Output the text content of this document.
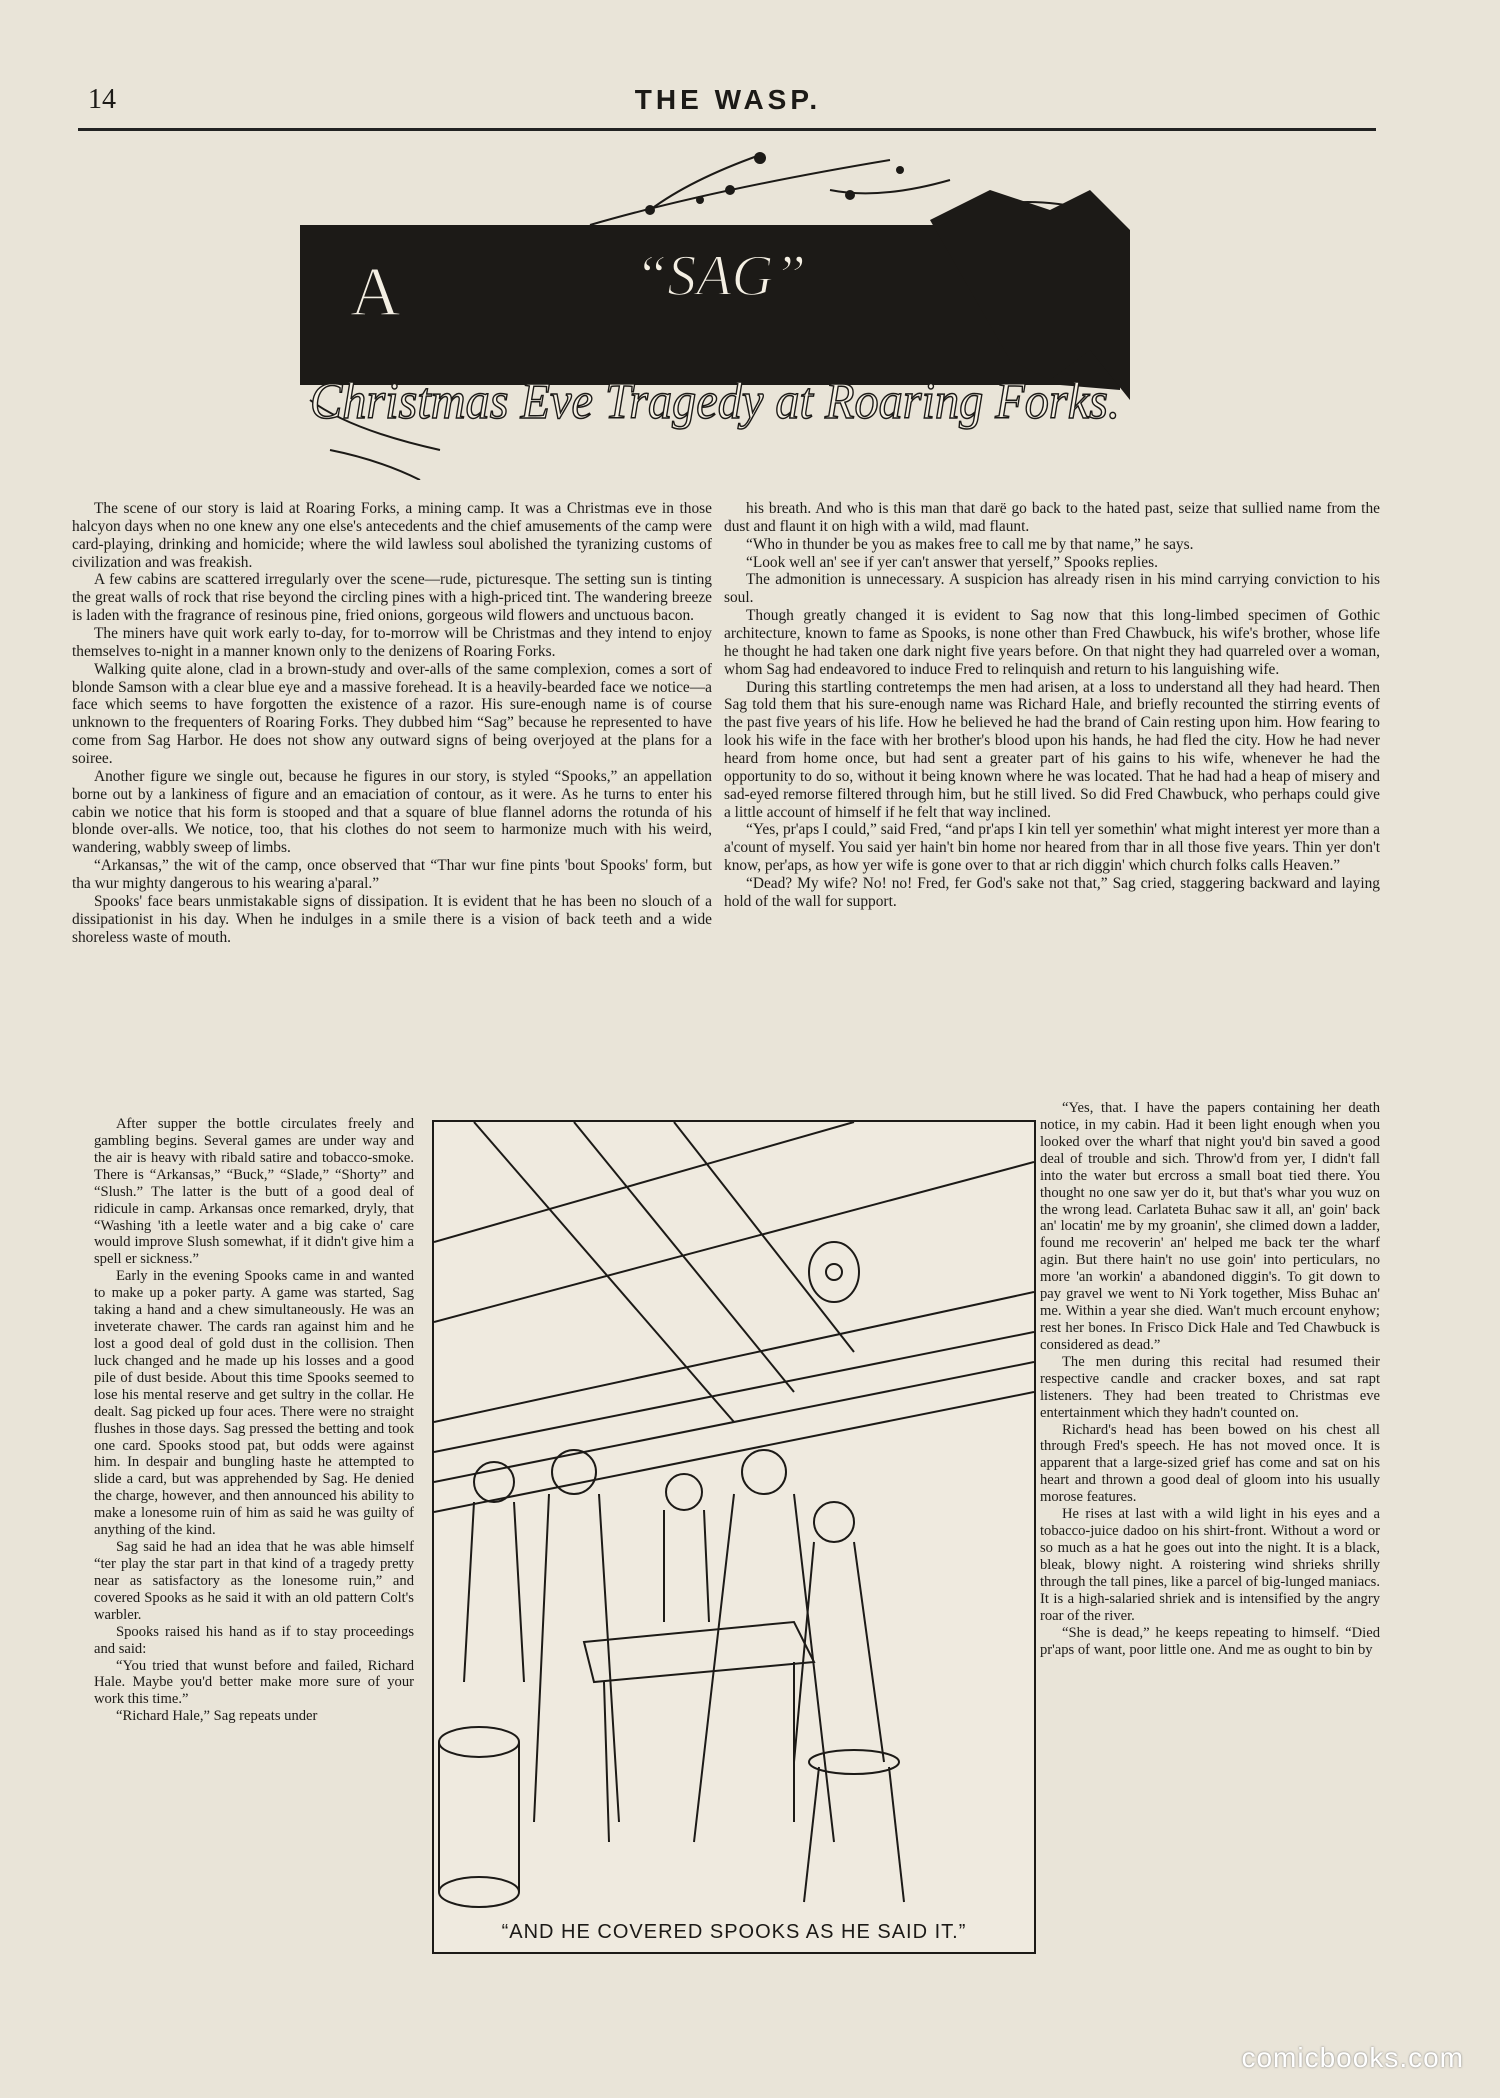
14	THE WASP.
A	“SAG”
Christmas Eve Tragedy at Roaring Forks.

The scene of our story is laid at Roaring Forks, a mining camp. It was a Christmas eve in those halcyon days when no one knew any one else's antecedents and the chief amusements of the camp were card-playing, drinking and homicide; where the wild lawless soul abolished the tyranizing customs of civilization and was freakish.

A few cabins are scattered irregularly over the scene—rude, picturesque. The setting sun is tinting the great walls of rock that rise beyond the circling pines with a high-priced tint. The wandering breeze is laden with the fragrance of resinous pine, fried onions, gorgeous wild flowers and unctuous bacon.

The miners have quit work early to-day, for to-morrow will be Christmas and they intend to enjoy themselves to-night in a manner known only to the denizens of Roaring Forks.

Walking quite alone, clad in a brown-study and over-alls of the same complexion, comes a sort of blonde Samson with a clear blue eye and a massive forehead. It is a heavily-bearded face we notice—a face which seems to have forgotten the existence of a razor. His sure-enough name is of course unknown to the frequenters of Roaring Forks. They dubbed him “Sag” because he represented to have come from Sag Harbor. He does not show any outward signs of being overjoyed at the plans for a soiree.

Another figure we single out, because he figures in our story, is styled “Spooks,” an appellation borne out by a lankiness of figure and an emaciation of contour, as it were. As he turns to enter his cabin we notice that his form is stooped and that a square of blue flannel adorns the rotunda of his blonde over-alls. We notice, too, that his clothes do not seem to harmonize much with his weird, wandering, wabbly sweep of limbs.

“Arkansas,” the wit of the camp, once observed that “Thar wur fine pints 'bout Spooks' form, but tha wur mighty dangerous to his wearing a'paral.”

Spooks' face bears unmistakable signs of dissipation. It is evident that he has been no slouch of a dissipationist in his day. When he indulges in a smile there is a vision of back teeth and a wide shoreless waste of mouth.

his breath. And who is this man that darë go back to the hated past, seize that sullied name from the dust and flaunt it on high with a wild, mad flaunt.

“Who in thunder be you as makes free to call me by that name,” he says.

“Look well an' see if yer can't answer that yerself,” Spooks replies.

The admonition is unnecessary. A suspicion has already risen in his mind carrying conviction to his soul.

Though greatly changed it is evident to Sag now that this long-limbed specimen of Gothic architecture, known to fame as Spooks, is none other than Fred Chawbuck, his wife's brother, whose life he thought he had taken one dark night five years before. On that night they had quarreled over a woman, whom Sag had endeavored to induce Fred to relinquish and return to his languishing wife.

During this startling contretemps the men had arisen, at a loss to understand all they had heard. Then Sag told them that his sure-enough name was Richard Hale, and briefly recounted the stirring events of the past five years of his life. How he believed he had the brand of Cain resting upon him. How fearing to look his wife in the face with her brother's blood upon his hands, he had fled the city. How he had never heard from home once, but had sent a greater part of his gains to his wife, whenever he had the opportunity to do so, without it being known where he was located. That he had had a heap of misery and sad-eyed remorse filtered through him, but he still lived. So did Fred Chawbuck, who perhaps could give a little account of himself if he felt that way inclined.

“Yes, pr'aps I could,” said Fred, “and pr'aps I kin tell yer somethin' what might interest yer more than a a'count of myself. You said yer hain't bin home nor heared from thar in all those five years. Thin yer don't know, per'aps, as how yer wife is gone over to that ar rich diggin' which church folks calls Heaven.”

“Dead? My wife? No! no! Fred, fer God's sake not that,” Sag cried, staggering backward and laying hold of the wall for support.

After supper the bottle circulates freely and gambling begins. Several games are under way and the air is heavy with ribald satire and tobacco-smoke. There is “Arkansas,” “Buck,” “Slade,” “Shorty” and “Slush.” The latter is the butt of a good deal of ridicule in camp. Arkansas once remarked, dryly, that “Washing 'ith a leetle water and a big cake o' care would improve Slush somewhat, if it didn't give him a spell er sickness.”

Early in the evening Spooks came in and wanted to make up a poker party. A game was started, Sag taking a hand and a chew simultaneously. He was an inveterate chawer. The cards ran against him and he lost a good deal of gold dust in the collision. Then luck changed and he made up his losses and a good pile of dust beside. About this time Spooks seemed to lose his mental reserve and get sultry in the collar. He dealt. Sag picked up four aces. There were no straight flushes in those days. Sag pressed the betting and took one card. Spooks stood pat, but odds were against him. In despair and bungling haste he attempted to slide a card, but was apprehended by Sag. He denied the charge, however, and then announced his ability to make a lonesome ruin of him as said he was guilty of anything of the kind.

Sag said he had an idea that he was able himself “ter play the star part in that kind of a tragedy pretty near as satisfactory as the lonesome ruin,” and covered Spooks as he said it with an old pattern Colt's warbler.

Spooks raised his hand as if to stay proceedings and said:

“You tried that wunst before and failed, Richard Hale. Maybe you'd better make more sure of your work this time.”

“Richard Hale,” Sag repeats under

“AND HE COVERED SPOOKS AS HE SAID IT.”

“Yes, that. I have the papers containing her death notice, in my cabin. Had it been light enough when you looked over the wharf that night you'd bin saved a good deal of trouble and sich. Throw'd from yer, I didn't fall into the water but ercross a small boat tied there. You thought no one saw yer do it, but that's whar you wuz on the wrong lead. Carlateta Buhac saw it all, an' goin' back an' locatin' me by my groanin', she climed down a ladder, found me recoverin' an' helped me back ter the wharf agin. But there hain't no use goin' into perticulars, no more 'an workin' a abandoned diggin's. To git down to pay gravel we went to Ni York together, Miss Buhac an' me. Within a year she died. Wan't much ercount enyhow; rest her bones. In Frisco Dick Hale and Ted Chawbuck is considered as dead.”

The men during this recital had resumed their respective candle and cracker boxes, and sat rapt listeners. They had been treated to Christmas eve entertainment which they hadn't counted on.

Richard's head has been bowed on his chest all through Fred's speech. He has not moved once. It is apparent that a large-sized grief has come and sat on his heart and thrown a good deal of gloom into his usually morose features.

He rises at last with a wild light in his eyes and a tobacco-juice dadoo on his shirt-front. Without a word or so much as a hat he goes out into the night. It is a black, bleak, blowy night. A roistering wind shrieks shrilly through the tall pines, like a parcel of big-lunged maniacs. It is a high-salaried shriek and is intensified by the angry roar of the river.

“She is dead,” he keeps repeating to himself. “Died pr'aps of want, poor little one. And me as ought to bin by

comicbooks.com
